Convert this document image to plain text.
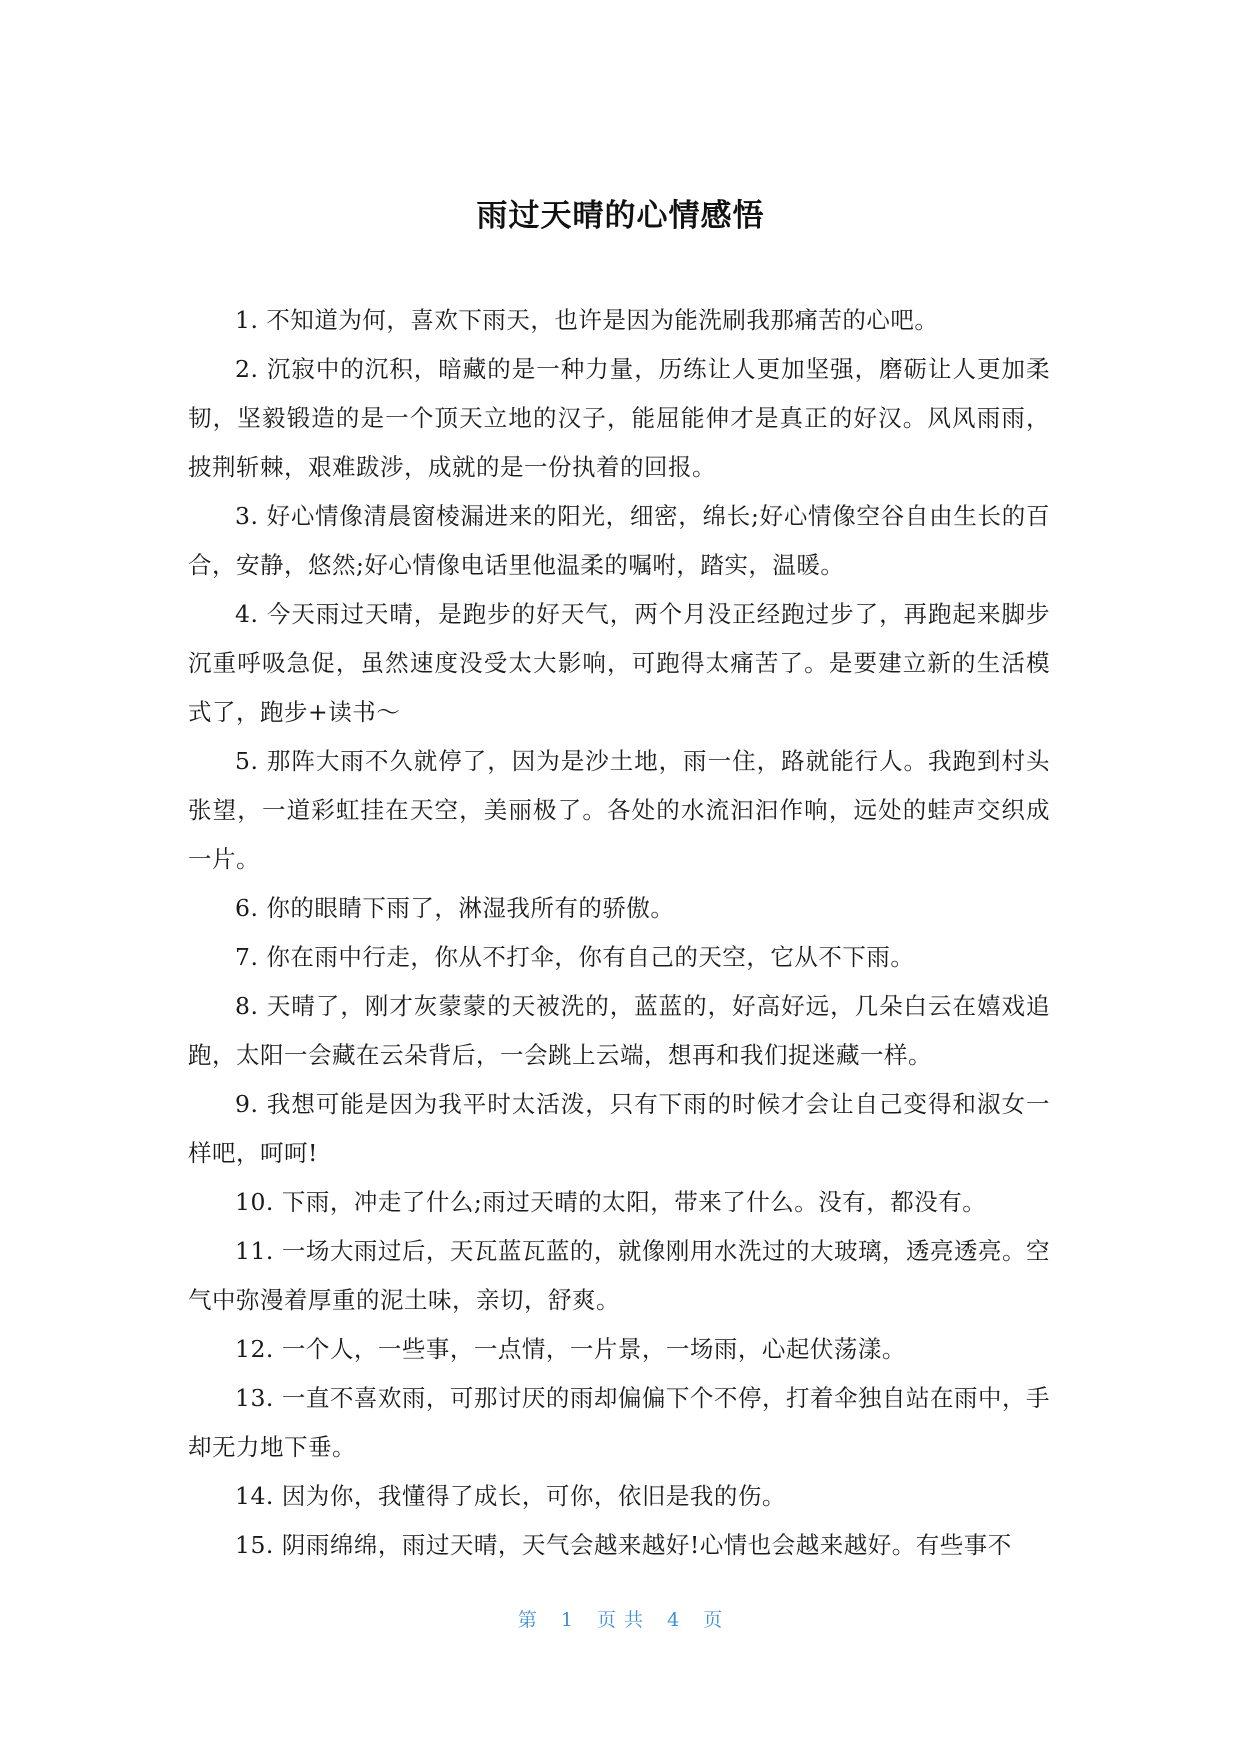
雨过天晴的心情感悟

1. 不知道为何，喜欢下雨天，也许是因为能洗刷我那痛苦的心吧。

2. 沉寂中的沉积，暗藏的是一种力量，历练让人更加坚强，磨砺让人更加柔韧，坚毅锻造的是一个顶天立地的汉子，能屈能伸才是真正的好汉。风风雨雨，披荆斩棘，艰难跋涉，成就的是一份执着的回报。

3. 好心情像清晨窗棱漏进来的阳光，细密，绵长;好心情像空谷自由生长的百合，安静，悠然;好心情像电话里他温柔的嘱咐，踏实，温暖。

4. 今天雨过天晴，是跑步的好天气，两个月没正经跑过步了，再跑起来脚步沉重呼吸急促，虽然速度没受太大影响，可跑得太痛苦了。是要建立新的生活模式了，跑步+读书～

5. 那阵大雨不久就停了，因为是沙土地，雨一住，路就能行人。我跑到村头张望，一道彩虹挂在天空，美丽极了。各处的水流汩汩作响，远处的蛙声交织成一片。

6. 你的眼睛下雨了，淋湿我所有的骄傲。

7. 你在雨中行走，你从不打伞，你有自己的天空，它从不下雨。

8. 天晴了，刚才灰蒙蒙的天被洗的，蓝蓝的，好高好远，几朵白云在嬉戏追跑，太阳一会藏在云朵背后，一会跳上云端，想再和我们捉迷藏一样。

9. 我想可能是因为我平时太活泼，只有下雨的时候才会让自己变得和淑女一样吧，呵呵!

10. 下雨，冲走了什么;雨过天晴的太阳，带来了什么。没有，都没有。

11. 一场大雨过后，天瓦蓝瓦蓝的，就像刚用水洗过的大玻璃，透亮透亮。空气中弥漫着厚重的泥土味，亲切，舒爽。

12. 一个人，一些事，一点情，一片景，一场雨，心起伏荡漾。

13. 一直不喜欢雨，可那讨厌的雨却偏偏下个不停，打着伞独自站在雨中，手却无力地下垂。

14. 因为你，我懂得了成长，可你，依旧是我的伤。

15. 阴雨绵绵，雨过天晴，天气会越来越好!心情也会越来越好。有些事不

第 1 页 共 4 页
